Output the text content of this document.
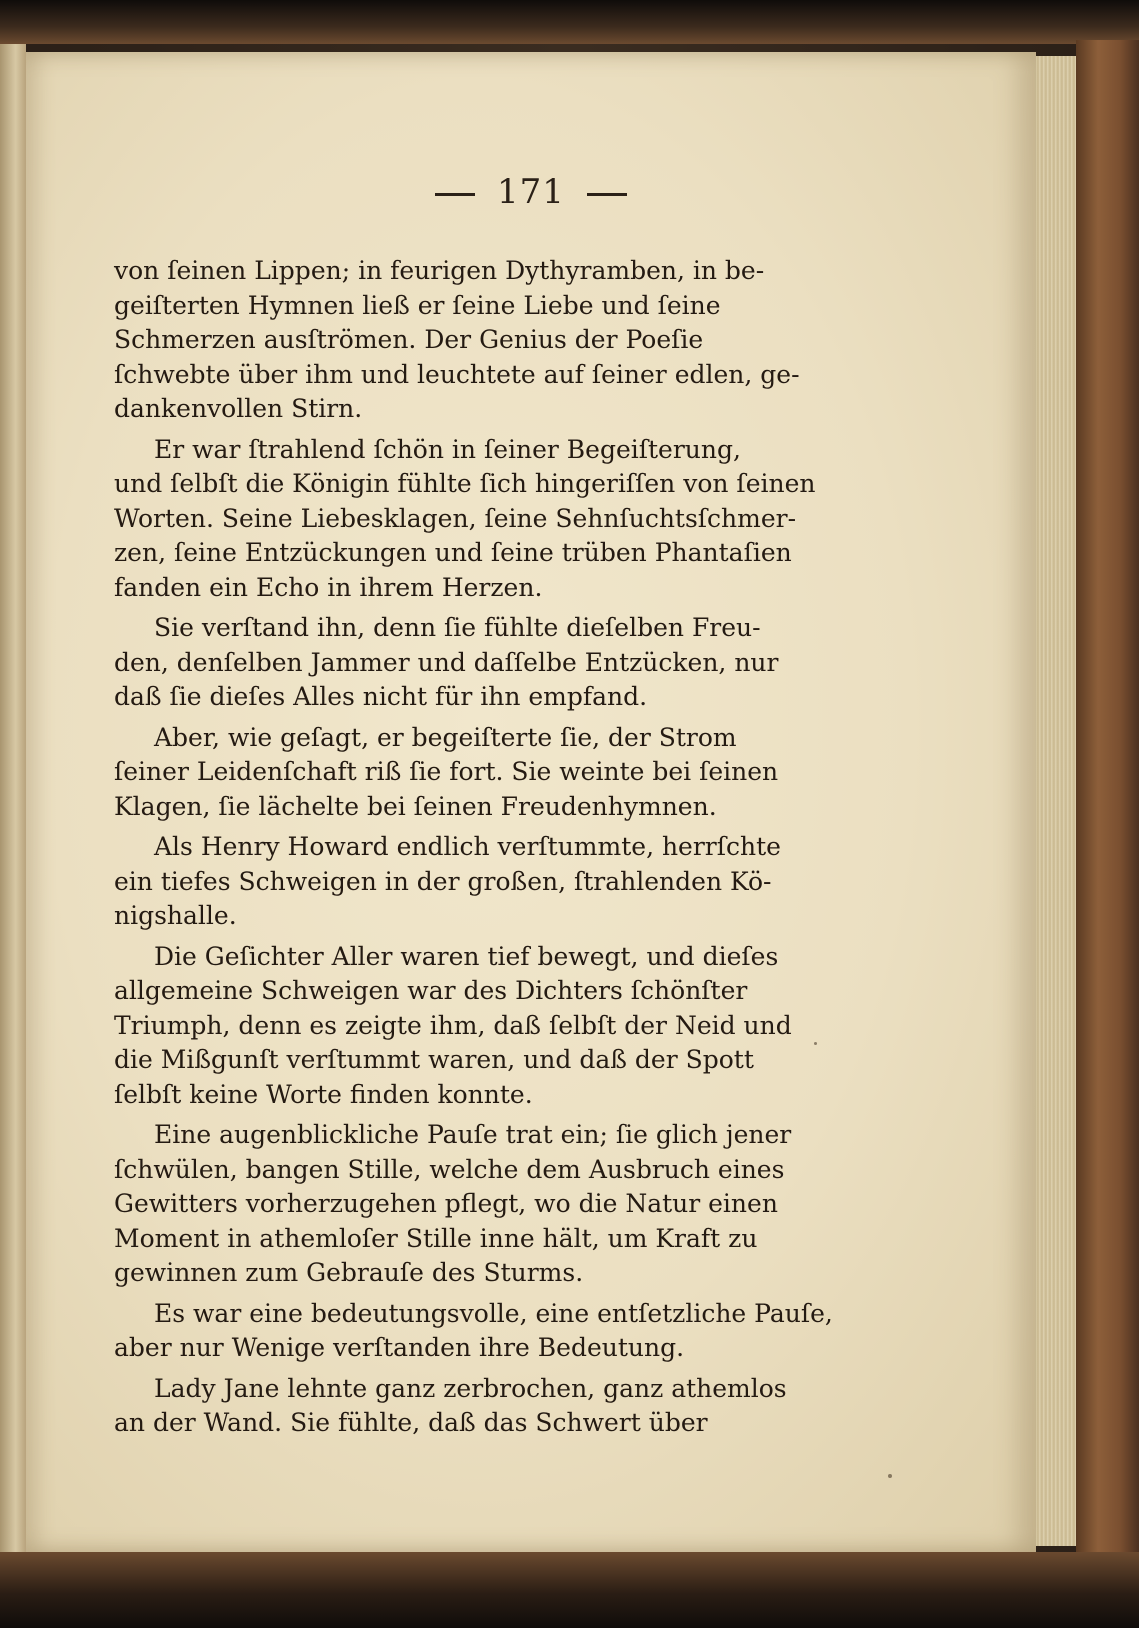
171
von ſeinen Lippen; in feurigen Dythyramben, in be-
geiſterten Hymnen ließ er ſeine Liebe und ſeine
Schmerzen ausſtrömen. Der Genius der Poeſie
ſchwebte über ihm und leuchtete auf ſeiner edlen, ge-
dankenvollen Stirn.
Er war ſtrahlend ſchön in ſeiner Begeiſterung,
und ſelbſt die Königin fühlte ſich hingeriſſen von ſeinen
Worten. Seine Liebesklagen, ſeine Sehnſuchtsſchmer-
zen, ſeine Entzückungen und ſeine trüben Phantaſien
fanden ein Echo in ihrem Herzen.
Sie verſtand ihn, denn ſie fühlte dieſelben Freu-
den, denſelben Jammer und daſſelbe Entzücken, nur
daß ſie dieſes Alles nicht für ihn empfand.
Aber, wie geſagt, er begeiſterte ſie, der Strom
ſeiner Leidenſchaft riß ſie fort. Sie weinte bei ſeinen
Klagen, ſie lächelte bei ſeinen Freudenhymnen.
Als Henry Howard endlich verſtummte, herrſchte
ein tiefes Schweigen in der großen, ſtrahlenden Kö-
nigshalle.
Die Geſichter Aller waren tief bewegt, und dieſes
allgemeine Schweigen war des Dichters ſchönſter
Triumph, denn es zeigte ihm, daß ſelbſt der Neid und
die Mißgunſt verſtummt waren, und daß der Spott
ſelbſt keine Worte finden konnte.
Eine augenblickliche Pauſe trat ein; ſie glich jener
ſchwülen, bangen Stille, welche dem Ausbruch eines
Gewitters vorherzugehen pflegt, wo die Natur einen
Moment in athemloſer Stille inne hält, um Kraft zu
gewinnen zum Gebrauſe des Sturms.
Es war eine bedeutungsvolle, eine entſetzliche Pauſe,
aber nur Wenige verſtanden ihre Bedeutung.
Lady Jane lehnte ganz zerbrochen, ganz athemlos
an der Wand. Sie fühlte, daß das Schwert über
